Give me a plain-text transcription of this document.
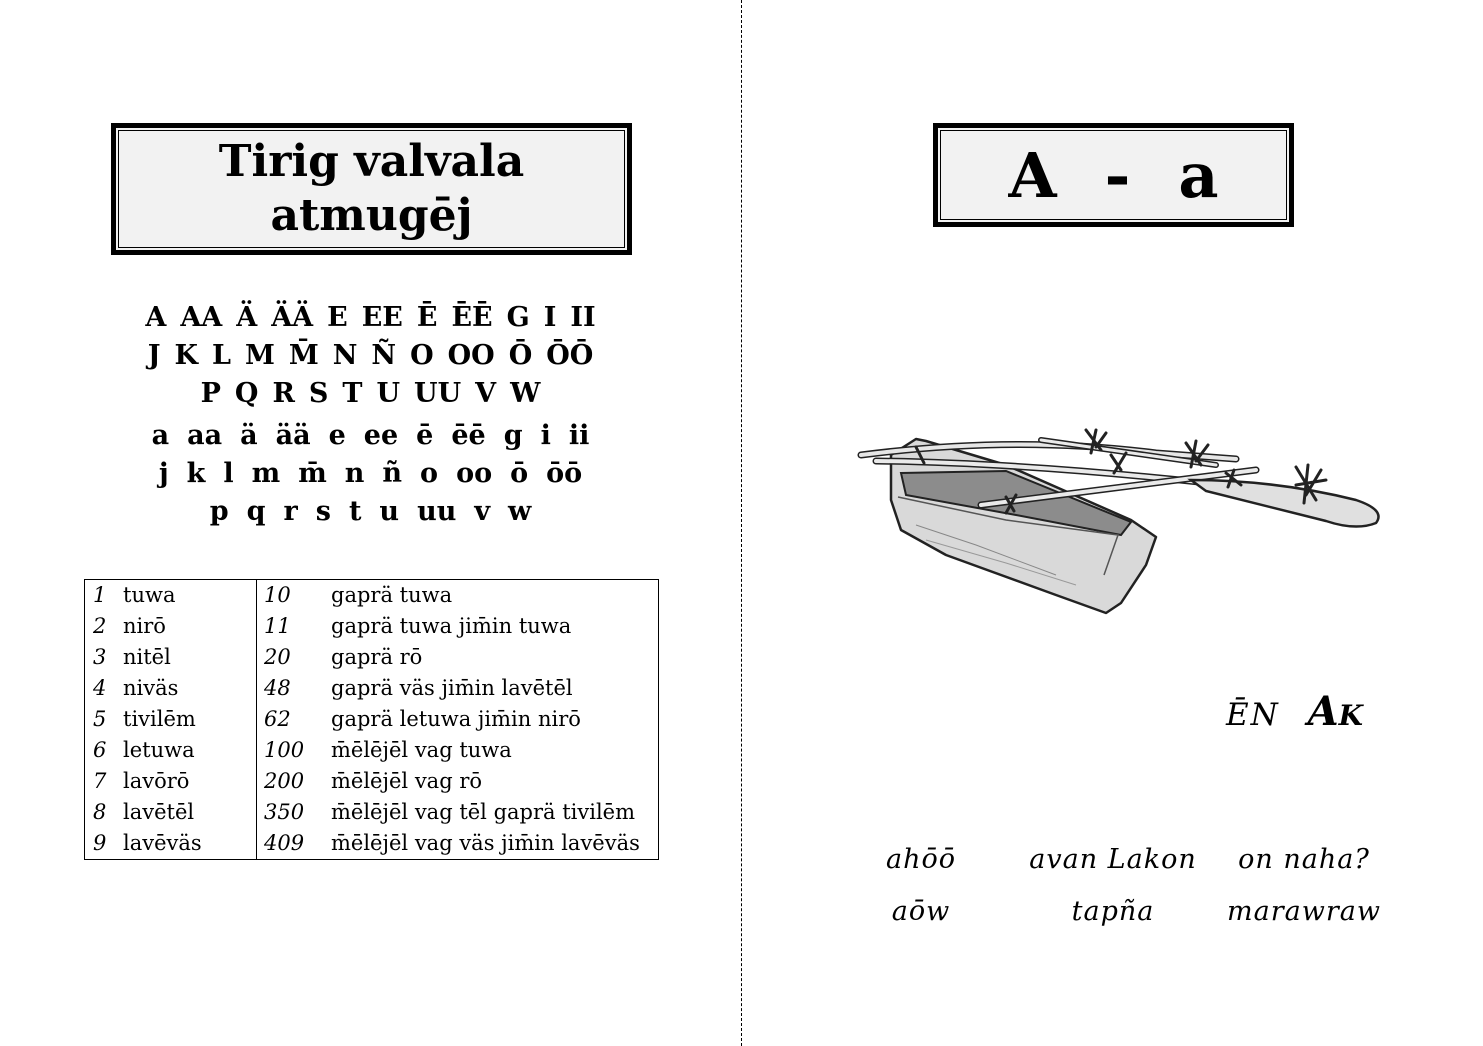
Tirig valvala
atmugēj
A AA Ä ÄÄ E EE Ē ĒĒ G I II
J K L M M̄ N Ñ O OO Ō ŌŌ
P Q R S T U UU V W
a aa ä ää e ee ē ēē g i ii
j k l m m̄ n ñ o oo ō ōō
p q r s t u uu v w
1	tuwa	10	gaprä tuwa
2	nirō	11	gaprä tuwa jim̄in tuwa
3	nitēl	20	gaprä rō
4	niväs	48	gaprä väs jim̄in lavētēl
5	tivilēm	62	gaprä letuwa jim̄in nirō
6	letuwa	100	m̄ēlējēl vag tuwa
7	lavōrō	200	m̄ēlējēl vag rō
8	lavētēl	350	m̄ēlējēl vag tēl gaprä tivilēm
9	lavēväs	409	m̄ēlējēl vag väs jim̄in lavēväs
A - a
ĒN Ak
ahōō	avan Lakon	on naha?
aōw	tapña	marawraw
